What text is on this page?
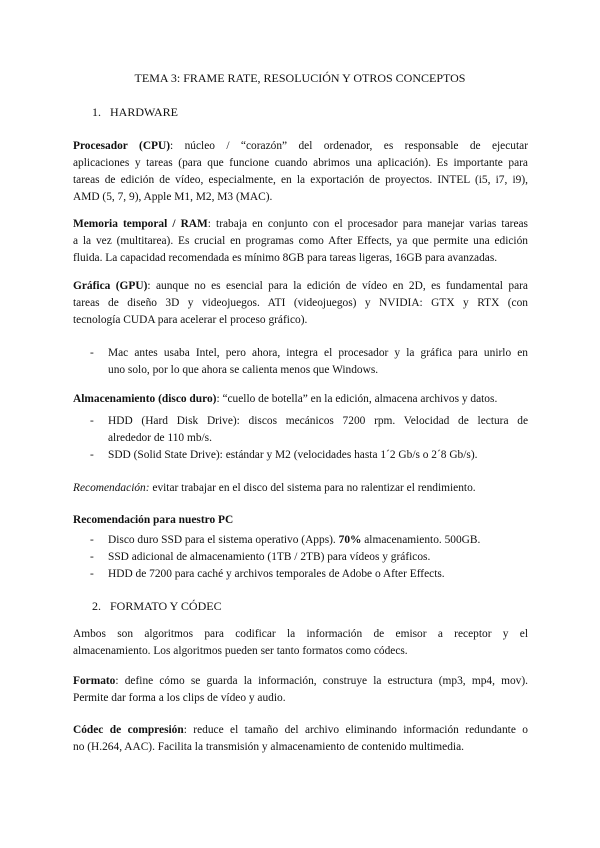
TEMA 3: FRAME RATE, RESOLUCIÓN Y OTROS CONCEPTOS

1. HARDWARE

Procesador (CPU): núcleo / “corazón” del ordenador, es responsable de ejecutar

aplicaciones y tareas (para que funcione cuando abrimos una aplicación). Es importante para

tareas de edición de vídeo, especialmente, en la exportación de proyectos. INTEL (i5, i7, i9),

AMD (5, 7, 9), Apple M1, M2, M3 (MAC).

Memoria temporal / RAM: trabaja en conjunto con el procesador para manejar varias tareas

a la vez (multitarea). Es crucial en programas como After Effects, ya que permite una edición

fluida. La capacidad recomendada es mínimo 8GB para tareas ligeras, 16GB para avanzadas.

Gráfica (GPU): aunque no es esencial para la edición de vídeo en 2D, es fundamental para

tareas de diseño 3D y videojuegos. ATI (videojuegos) y NVIDIA: GTX y RTX (con

tecnología CUDA para acelerar el proceso gráfico).

- Mac antes usaba Intel, pero ahora, integra el procesador y la gráfica para unirlo en

uno solo, por lo que ahora se calienta menos que Windows.

Almacenamiento (disco duro): “cuello de botella” en la edición, almacena archivos y datos.

- HDD (Hard Disk Drive): discos mecánicos 7200 rpm. Velocidad de lectura de

alrededor de 110 mb/s.

- SDD (Solid State Drive): estándar y M2 (velocidades hasta 1´2 Gb/s o 2´8 Gb/s).

Recomendación: evitar trabajar en el disco del sistema para no ralentizar el rendimiento.

Recomendación para nuestro PC

- Disco duro SSD para el sistema operativo (Apps). 70% almacenamiento. 500GB.

- SSD adicional de almacenamiento (1TB / 2TB) para vídeos y gráficos.

- HDD de 7200 para caché y archivos temporales de Adobe o After Effects.

2. FORMATO Y CÓDEC

Ambos son algoritmos para codificar la información de emisor a receptor y el

almacenamiento. Los algoritmos pueden ser tanto formatos como códecs.

Formato: define cómo se guarda la información, construye la estructura (mp3, mp4, mov).

Permite dar forma a los clips de vídeo y audio.

Códec de compresión: reduce el tamaño del archivo eliminando información redundante o

no (H.264, AAC). Facilita la transmisión y almacenamiento de contenido multimedia.
